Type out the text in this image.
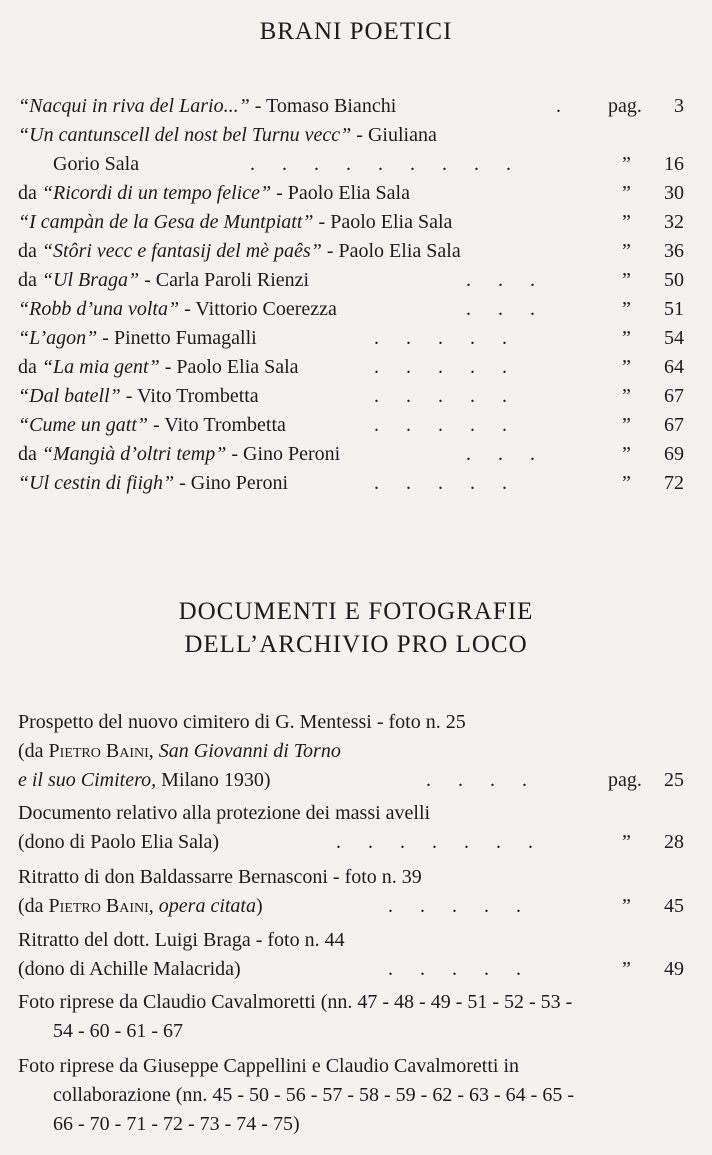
BRANI POETICI
“Nacqui in riva del Lario...” - Tomaso Bianchi	. pag. 3
“Un cantunscell del nost bel Turnu vecc” - Giuliana
Gorio Sala	. . . . . . . . .	” 16
da “Ricordi di un tempo felice” - Paolo Elia Sala	” 30
“I campàn de la Gesa de Muntpiatt” - Paolo Elia Sala	” 32
da “Stôri vecc e fantasij del mè paês” - Paolo Elia Sala	” 36
da “Ul Braga” - Carla Paroli Rienzi	. . .	” 50
“Robb d’una volta” - Vittorio Coerezza	. . .	” 51
“L’agon” - Pinetto Fumagalli	. . . . .	” 54
da “La mia gent” - Paolo Elia Sala	. . . . .	” 64
“Dal batell” - Vito Trombetta	. . . . .	” 67
“Cume un gatt” - Vito Trombetta	. . . . .	” 67
da “Mangià d’oltri temp” - Gino Peroni	. . .	” 69
“Ul cestin di fiigh” - Gino Peroni	. . . . .	” 72
DOCUMENTI E FOTOGRAFIE
DELL’ARCHIVIO PRO LOCO
Prospetto del nuovo cimitero di G. Mentessi - foto n. 25
(da Pietro Baini, San Giovanni di Torno
e il suo Cimitero, Milano 1930)	. . . .	pag. 25
Documento relativo alla protezione dei massi avelli
(dono di Paolo Elia Sala)	. . . . . . .	” 28
Ritratto di don Baldassarre Bernasconi - foto n. 39
(da Pietro Baini, opera citata)	. . . . .	” 45
Ritratto del dott. Luigi Braga - foto n. 44
(dono di Achille Malacrida)	. . . . .	” 49
Foto riprese da Claudio Cavalmoretti (nn. 47 - 48 - 49 - 51 - 52 - 53 -
54 - 60 - 61 - 67
Foto riprese da Giuseppe Cappellini e Claudio Cavalmoretti in
collaborazione (nn. 45 - 50 - 56 - 57 - 58 - 59 - 62 - 63 - 64 - 65 -
66 - 70 - 71 - 72 - 73 - 74 - 75)
